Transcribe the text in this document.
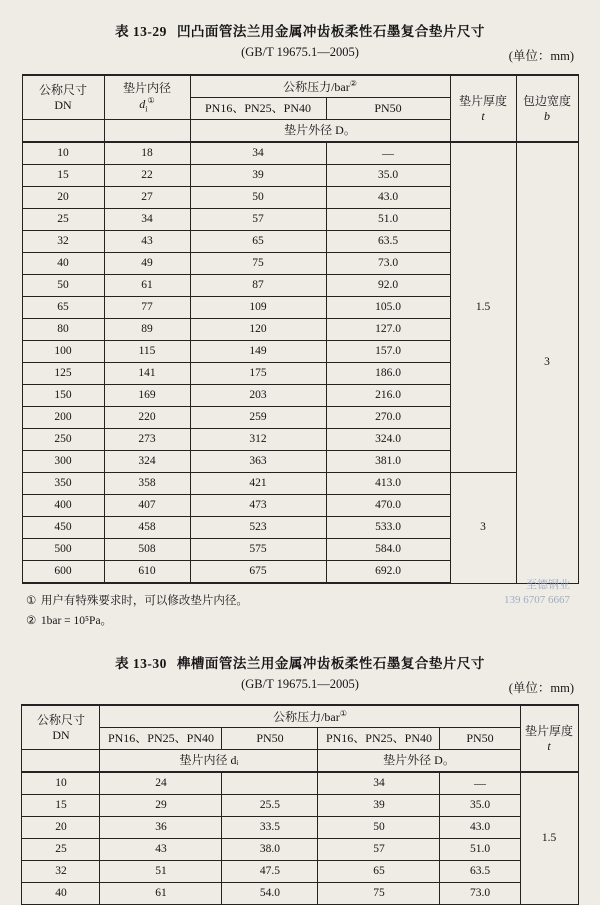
表 13-29 凹凸面管法兰用金属冲齿板柔性石墨复合垫片尺寸
(GB/T 19675.1—2005)	(单位：mm)
公称尺寸
DN	垫片内径
$d_i^①$	公称压力/bar②		垫片厚度
t	包边宽度
b

		PN16、PN25、PN40	PN50		
		垫片外径 D。			
10	18	34	—	1.5	3
15	22	39	35.0		
20	27	50	43.0		
25	34	57	51.0		
32	43	65	63.5		
40	49	75	73.0		
50	61	87	92.0		
65	77	109	105.0		
80	89	120	127.0		
100	115	149	157.0		
125	141	175	186.0		
150	169	203	216.0		
200	220	259	270.0		
250	273	312	324.0		
300	324	363	381.0		
350	358	421	413.0	3	
400	407	473	470.0		
450	458	523	533.0		
500	508	575	584.0		
600	610	675	692.0		
① 用户有特殊要求时，可以修改垫片内径。
② 1bar = 10⁵Pa。
至德钢业
139 6707 6667
表 13-30 榫槽面管法兰用金属冲齿板柔性石墨复合垫片尺寸
(GB/T 19675.1—2005)	(单位：mm)
公称尺寸
DN	公称压力/bar①				垫片厚度
t

	PN16、PN25、PN40	PN50	PN16、PN25、PN40	PN50	
	垫片内径 dᵢ		垫片外径 D。		
10	24		34	—	1.5
15	29	25.5	39	35.0	
20	36	33.5	50	43.0	
25	43	38.0	57	51.0	
32	51	47.5	65	63.5	
40	61	54.0	75	73.0	
